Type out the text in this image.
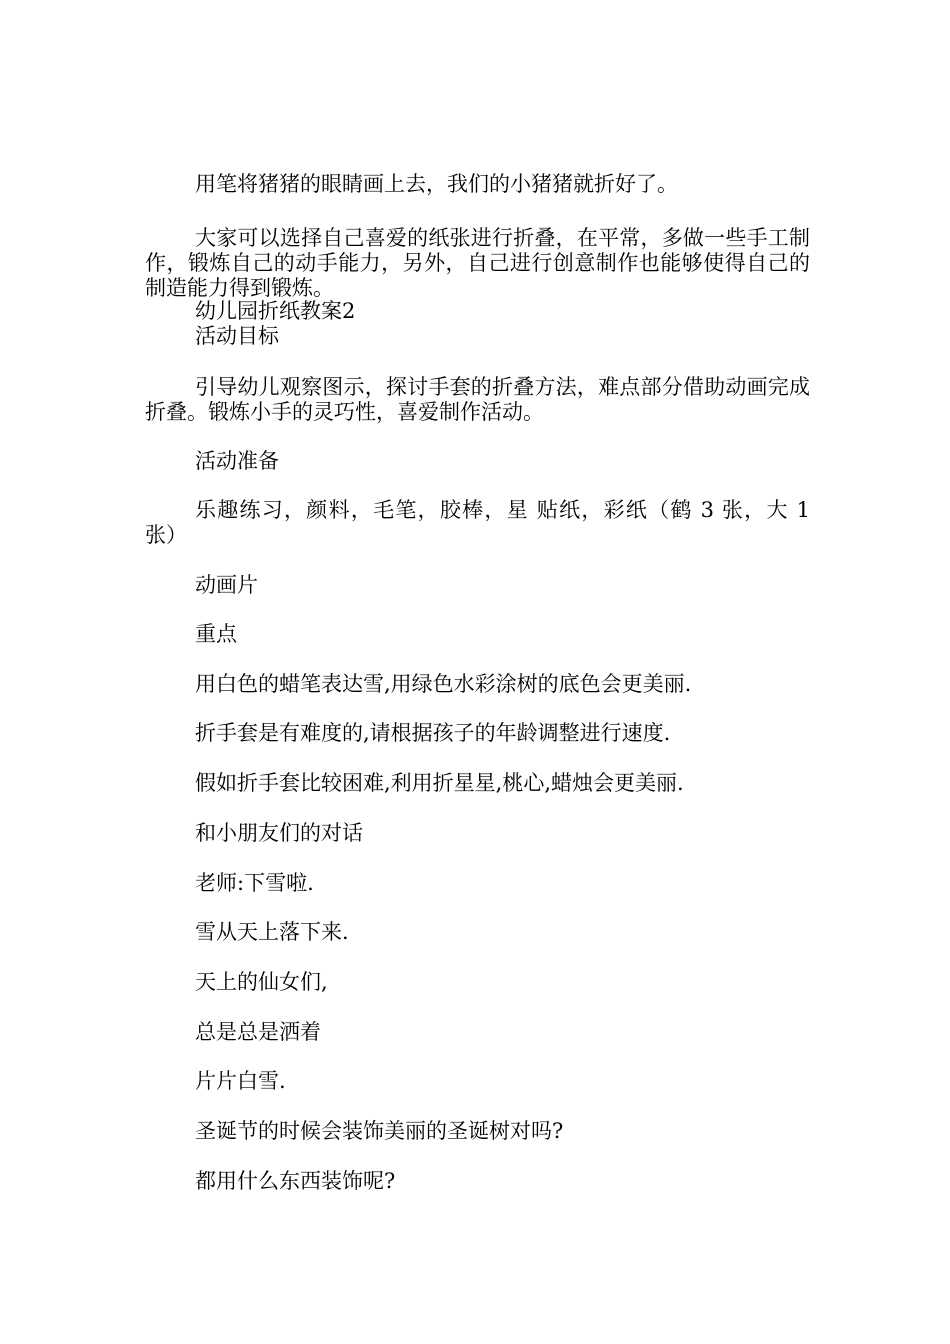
用笔将猪猪的眼睛画上去，我们的小猪猪就折好了。

大家可以选择自己喜爱的纸张进行折叠，在平常，多做一些手工制作，锻炼自己的动手能力，另外，自己进行创意制作也能够使得自己的制造能力得到锻炼。

幼儿园折纸教案2

活动目标

引导幼儿观察图示，探讨手套的折叠方法，难点部分借助动画完成折叠。锻炼小手的灵巧性，喜爱制作活动。

活动准备

乐趣练习，颜料，毛笔，胶棒，星 贴纸，彩纸（鹤 3 张，大 1 张）

动画片

重点

用白色的蜡笔表达雪,用绿色水彩涂树的底色会更美丽.

折手套是有难度的,请根据孩子的年龄调整进行速度.

假如折手套比较困难,利用折星星,桃心,蜡烛会更美丽.

和小朋友们的对话

老师:下雪啦.

雪从天上落下来.

天上的仙女们,

总是总是洒着

片片白雪.

圣诞节的时候会装饰美丽的圣诞树对吗?

都用什么东西装饰呢?
